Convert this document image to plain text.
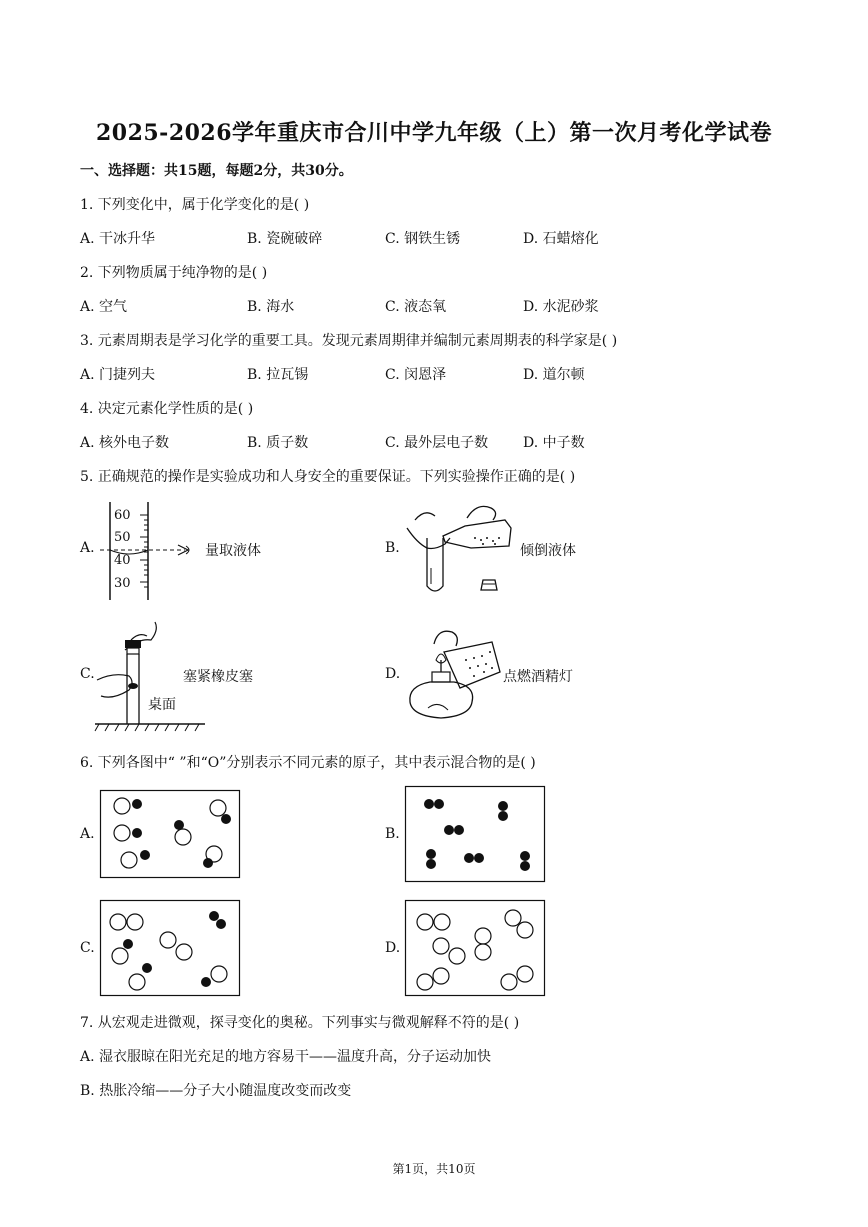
2025-2026学年重庆市合川中学九年级（上）第一次月考化学试卷
一、选择题：共15题，每题2分，共30分。
1. 下列变化中，属于化学变化的是( )
A. 干冰升华	B. 瓷碗破碎	C. 钢铁生锈	D. 石蜡熔化
2. 下列物质属于纯净物的是( )
A. 空气	B. 海水	C. 液态氧	D. 水泥砂浆
3. 元素周期表是学习化学的重要工具。发现元素周期律并编制元素周期表的科学家是( )
A. 门捷列夫	B. 拉瓦锡	C. 闵恩泽	D. 道尔顿
4. 决定元素化学性质的是( )
A. 核外电子数	B. 质子数	C. 最外层电子数 D. 中子数
5. 正确规范的操作是实验成功和人身安全的重要保证。下列实验操作正确的是( )
A.
60
50
40
30
量取液体	B.	倾倒液体
C.
桌面
塞紧橡皮塞	D.	点燃酒精灯
6. 下列各图中“ ”和“O”分别表示不同元素的原子，其中表示混合物的是( )
A.	B.
C.	D.
7. 从宏观走进微观，探寻变化的奥秘。下列事实与微观解释不符的是( )
A. 湿衣服晾在阳光充足的地方容易干——温度升高，分子运动加快
B. 热胀冷缩——分子大小随温度改变而改变
第1页，共10页
